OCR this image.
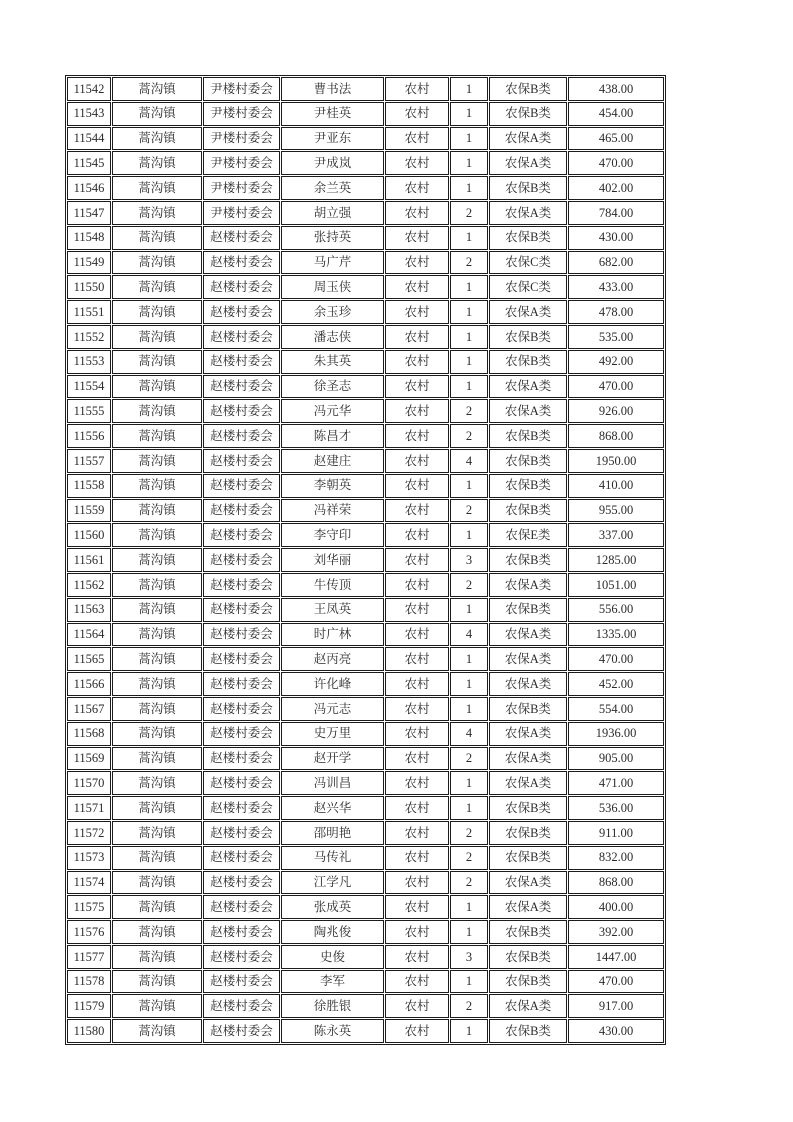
11542	蒿沟镇	尹楼村委会	曹书法	农村	1	农保B类	438.00
11543	蒿沟镇	尹楼村委会	尹桂英	农村	1	农保B类	454.00
11544	蒿沟镇	尹楼村委会	尹亚东	农村	1	农保A类	465.00
11545	蒿沟镇	尹楼村委会	尹成岚	农村	1	农保A类	470.00
11546	蒿沟镇	尹楼村委会	余兰英	农村	1	农保B类	402.00
11547	蒿沟镇	尹楼村委会	胡立强	农村	2	农保A类	784.00
11548	蒿沟镇	赵楼村委会	张持英	农村	1	农保B类	430.00
11549	蒿沟镇	赵楼村委会	马广芹	农村	2	农保C类	682.00
11550	蒿沟镇	赵楼村委会	周玉侠	农村	1	农保C类	433.00
11551	蒿沟镇	赵楼村委会	余玉珍	农村	1	农保A类	478.00
11552	蒿沟镇	赵楼村委会	潘志侠	农村	1	农保B类	535.00
11553	蒿沟镇	赵楼村委会	朱其英	农村	1	农保B类	492.00
11554	蒿沟镇	赵楼村委会	徐圣志	农村	1	农保A类	470.00
11555	蒿沟镇	赵楼村委会	冯元华	农村	2	农保A类	926.00
11556	蒿沟镇	赵楼村委会	陈昌才	农村	2	农保B类	868.00
11557	蒿沟镇	赵楼村委会	赵建庄	农村	4	农保B类	1950.00
11558	蒿沟镇	赵楼村委会	李朝英	农村	1	农保B类	410.00
11559	蒿沟镇	赵楼村委会	冯祥荣	农村	2	农保B类	955.00
11560	蒿沟镇	赵楼村委会	李守印	农村	1	农保E类	337.00
11561	蒿沟镇	赵楼村委会	刘华丽	农村	3	农保B类	1285.00
11562	蒿沟镇	赵楼村委会	牛传顶	农村	2	农保A类	1051.00
11563	蒿沟镇	赵楼村委会	王凤英	农村	1	农保B类	556.00
11564	蒿沟镇	赵楼村委会	时广林	农村	4	农保A类	1335.00
11565	蒿沟镇	赵楼村委会	赵丙亮	农村	1	农保A类	470.00
11566	蒿沟镇	赵楼村委会	许化峰	农村	1	农保A类	452.00
11567	蒿沟镇	赵楼村委会	冯元志	农村	1	农保B类	554.00
11568	蒿沟镇	赵楼村委会	史万里	农村	4	农保A类	1936.00
11569	蒿沟镇	赵楼村委会	赵开学	农村	2	农保A类	905.00
11570	蒿沟镇	赵楼村委会	冯训昌	农村	1	农保A类	471.00
11571	蒿沟镇	赵楼村委会	赵兴华	农村	1	农保B类	536.00
11572	蒿沟镇	赵楼村委会	邵明艳	农村	2	农保B类	911.00
11573	蒿沟镇	赵楼村委会	马传礼	农村	2	农保B类	832.00
11574	蒿沟镇	赵楼村委会	江学凡	农村	2	农保A类	868.00
11575	蒿沟镇	赵楼村委会	张成英	农村	1	农保A类	400.00
11576	蒿沟镇	赵楼村委会	陶兆俊	农村	1	农保B类	392.00
11577	蒿沟镇	赵楼村委会	史俊	农村	3	农保B类	1447.00
11578	蒿沟镇	赵楼村委会	李军	农村	1	农保B类	470.00
11579	蒿沟镇	赵楼村委会	徐胜银	农村	2	农保A类	917.00
11580	蒿沟镇	赵楼村委会	陈永英	农村	1	农保B类	430.00
